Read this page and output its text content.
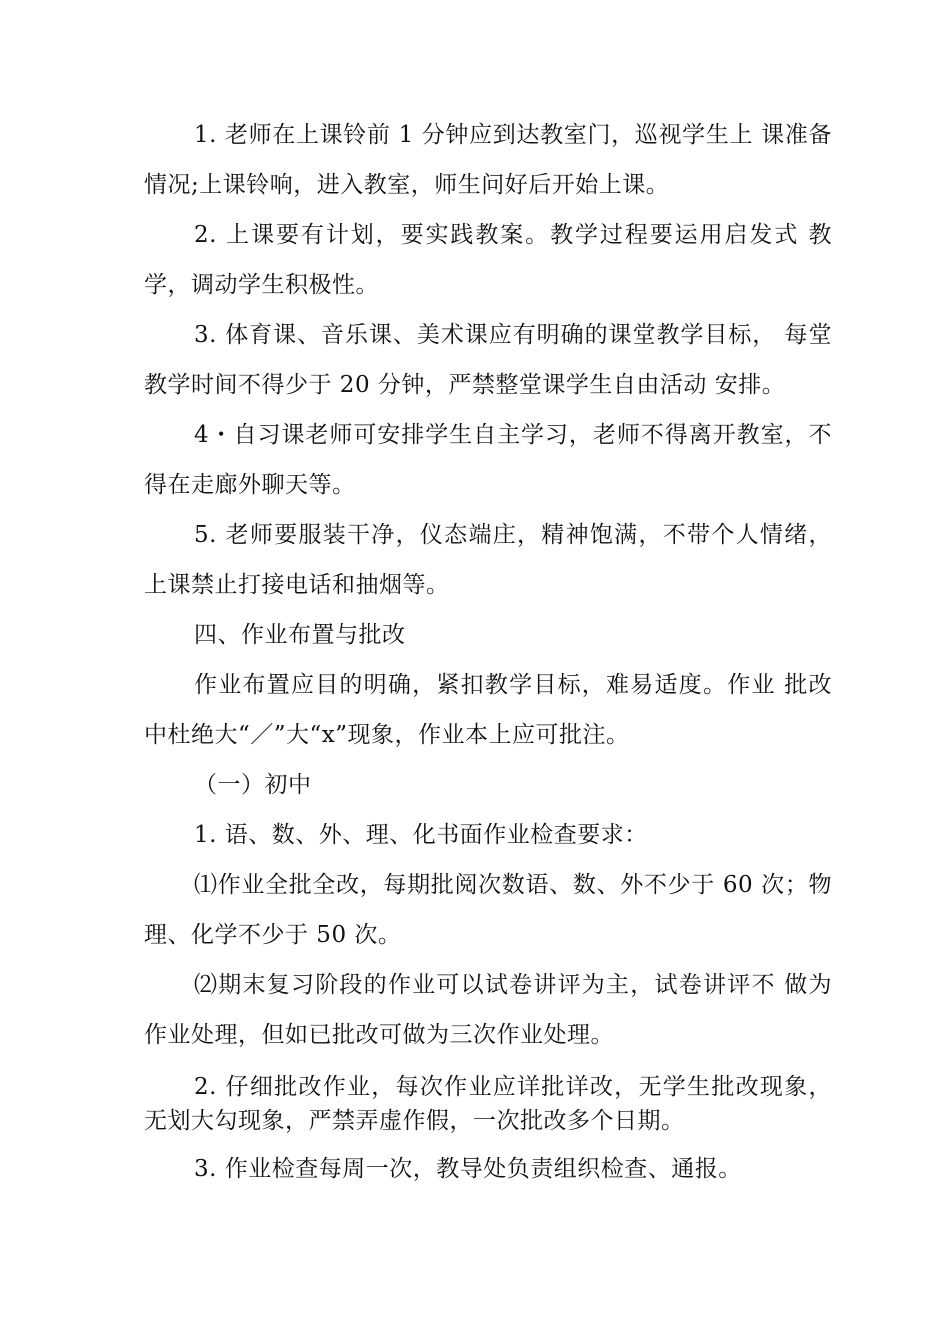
1. 老师在上课铃前 1 分钟应到达教室门，巡视学生上 课准备情况;上课铃响，进入教室，师生问好后开始上课。

2. 上课要有计划，要实践教案。教学过程要运用启发式 教学，调动学生积极性。

3. 体育课、音乐课、美术课应有明确的课堂教学目标， 每堂教学时间不得少于 20 分钟，严禁整堂课学生自由活动 安排。

4・自习课老师可安排学生自主学习，老师不得离开教室，不得在走廊外聊天等。

5. 老师要服装干净，仪态端庄，精神饱满，不带个人情绪，上课禁止打接电话和抽烟等。

四、作业布置与批改

作业布置应目的明确，紧扣教学目标，难易适度。作业 批改中杜绝大“／”大“x”现象，作业本上应可批注。

（一）初中

1. 语、数、外、理、化书面作业检查要求：

⑴作业全批全改，每期批阅次数语、数、外不少于 60 次；物理、化学不少于 50 次。

⑵期末复习阶段的作业可以试卷讲评为主，试卷讲评不 做为作业处理，但如已批改可做为三次作业处理。

2. 仔细批改作业，每次作业应详批详改，无学生批改现象，无划大勾现象，严禁弄虚作假，一次批改多个日期。

3. 作业检查每周一次，教导处负责组织检查、通报。
